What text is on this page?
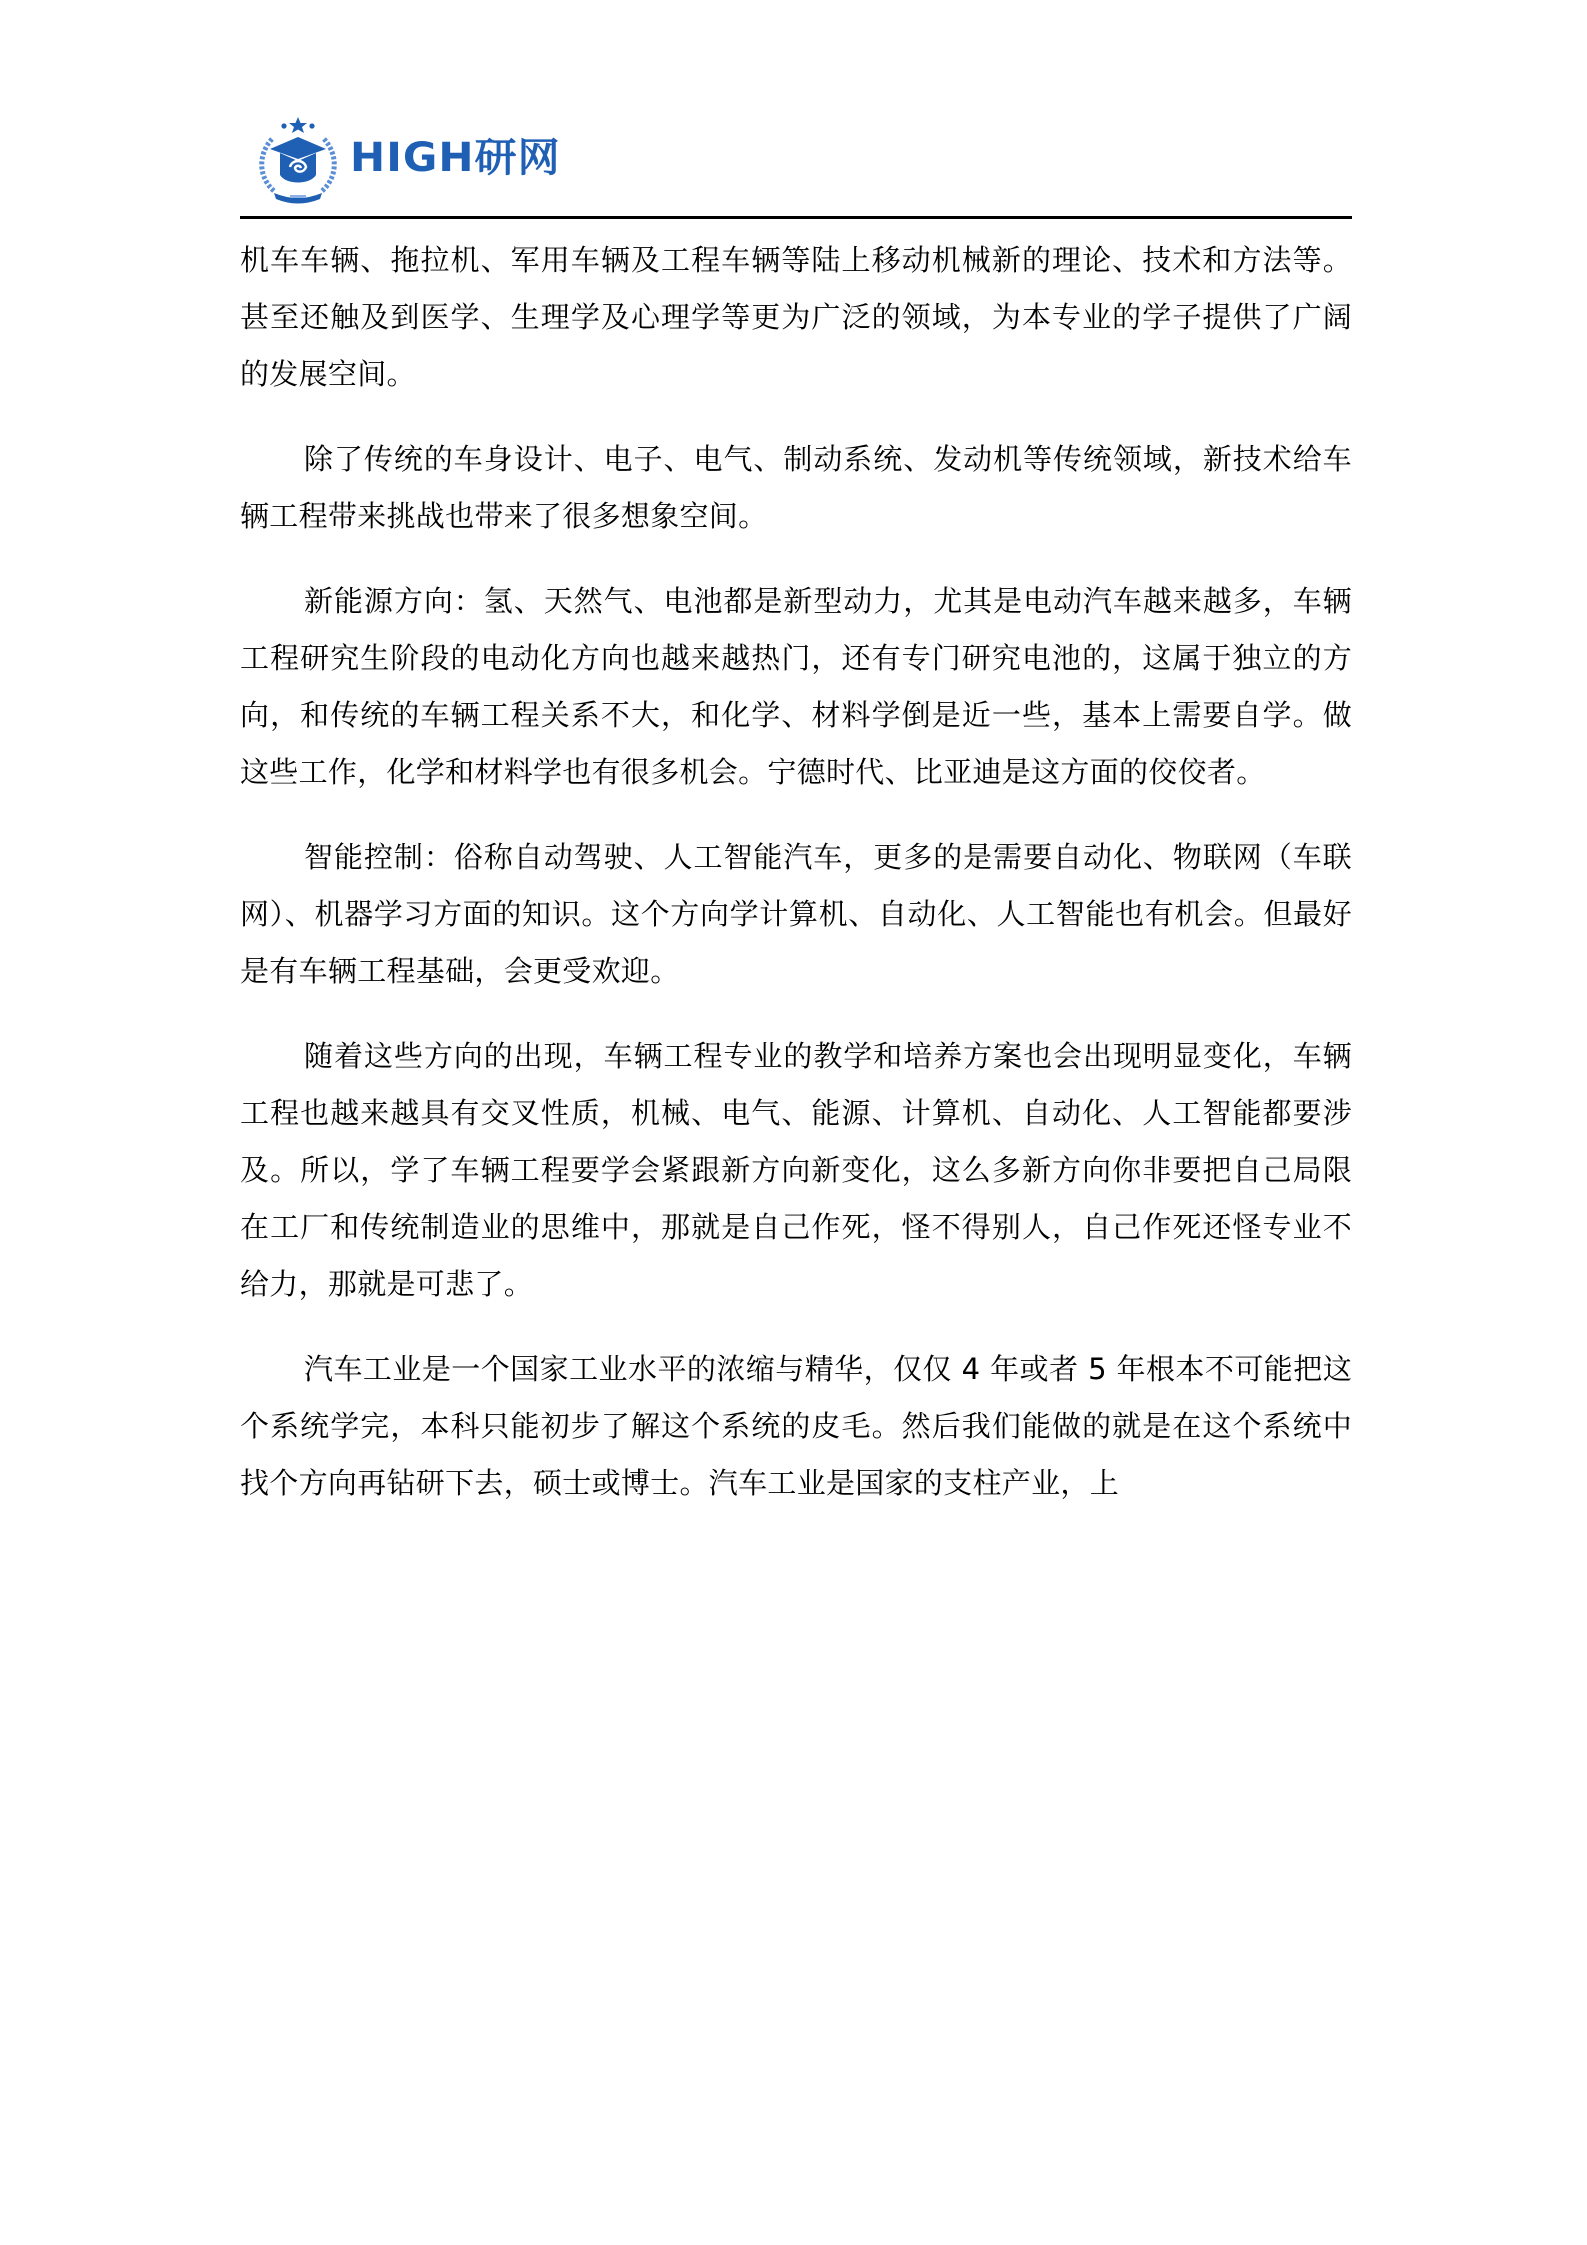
HIGH研网

机车车辆、拖拉机、军用车辆及工程车辆等陆上移动机械新的理论、技术和方法等。甚至还触及到医学、生理学及心理学等更为广泛的领域，为本专业的学子提供了广阔的发展空间。

除了传统的车身设计、电子、电气、制动系统、发动机等传统领域，新技术给车辆工程带来挑战也带来了很多想象空间。

新能源方向：氢、天然气、电池都是新型动力，尤其是电动汽车越来越多，车辆工程研究生阶段的电动化方向也越来越热门，还有专门研究电池的，这属于独立的方向，和传统的车辆工程关系不大，和化学、材料学倒是近一些，基本上需要自学。做这些工作，化学和材料学也有很多机会。宁德时代、比亚迪是这方面的佼佼者。

智能控制：俗称自动驾驶、人工智能汽车，更多的是需要自动化、物联网（车联网）、机器学习方面的知识。这个方向学计算机、自动化、人工智能也有机会。但最好是有车辆工程基础，会更受欢迎。

随着这些方向的出现，车辆工程专业的教学和培养方案也会出现明显变化，车辆工程也越来越具有交叉性质，机械、电气、能源、计算机、自动化、人工智能都要涉及。所以，学了车辆工程要学会紧跟新方向新变化，这么多新方向你非要把自己局限在工厂和传统制造业的思维中，那就是自己作死，怪不得别人，自己作死还怪专业不给力，那就是可悲了。

汽车工业是一个国家工业水平的浓缩与精华，仅仅 4 年或者 5 年根本不可能把这个系统学完，本科只能初步了解这个系统的皮毛。然后我们能做的就是在这个系统中找个方向再钻研下去，硕士或博士。汽车工业是国家的支柱产业，上
